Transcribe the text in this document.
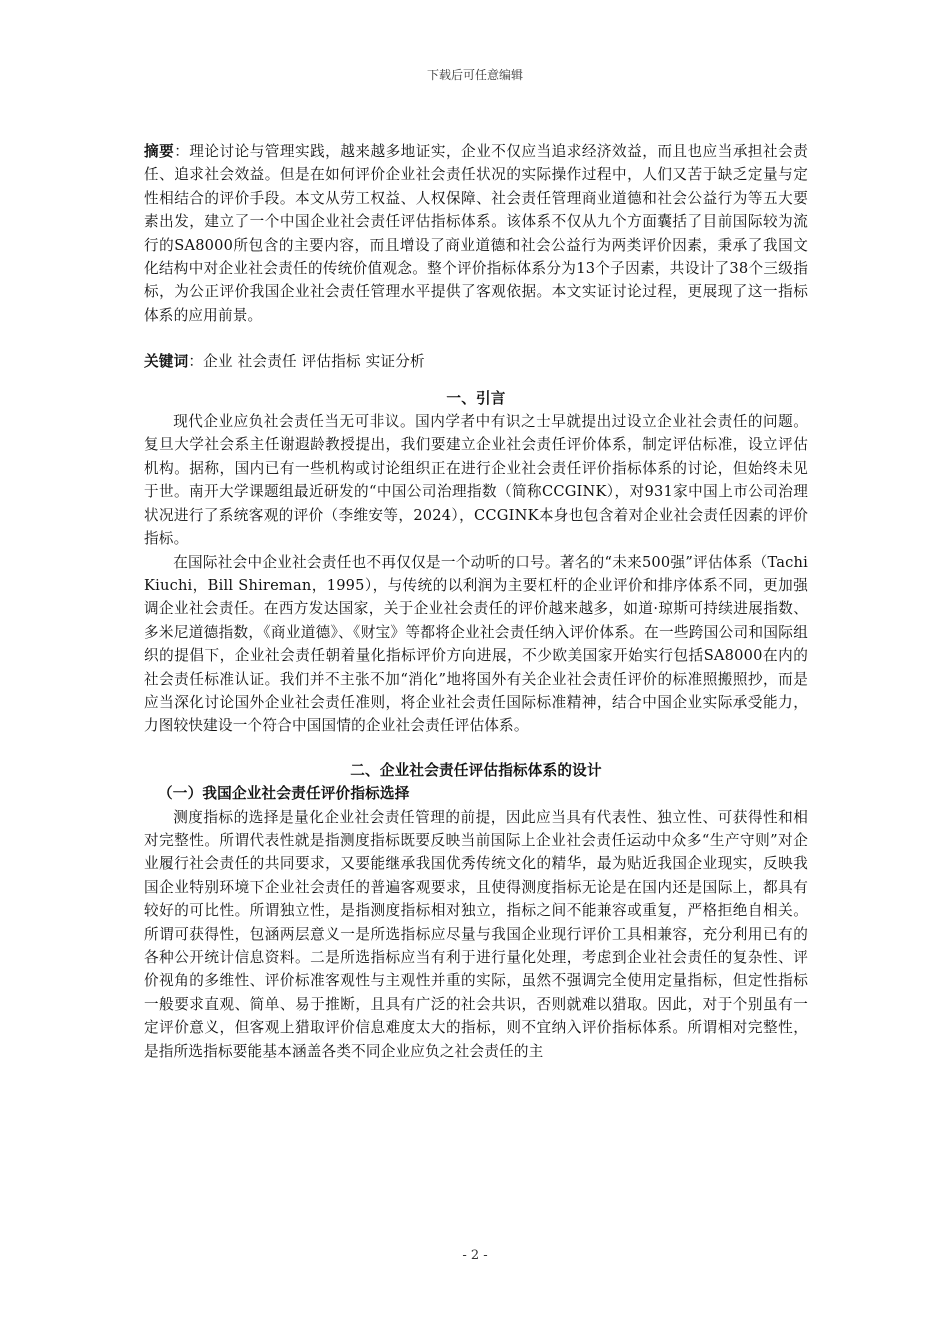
下载后可任意编辑

摘要：理论讨论与管理实践，越来越多地证实，企业不仅应当追求经济效益，而且也应当承担社会责任、追求社会效益。但是在如何评价企业社会责任状况的实际操作过程中，人们又苦于缺乏定量与定性相结合的评价手段。本文从劳工权益、人权保障、社会责任管理商业道德和社会公益行为等五大要素出发，建立了一个中国企业社会责任评估指标体系。该体系不仅从九个方面囊括了目前国际较为流行的SA8000所包含的主要内容，而且增设了商业道德和社会公益行为两类评价因素，秉承了我国文化结构中对企业社会责任的传统价值观念。整个评价指标体系分为13个子因素，共设计了38个三级指标，为公正评价我国企业社会责任管理水平提供了客观依据。本文实证讨论过程，更展现了这一指标体系的应用前景。

关键词：企业 社会责任 评估指标 实证分析

一、引言

现代企业应负社会责任当无可非议。国内学者中有识之士早就提出过设立企业社会责任的问题。复旦大学社会系主任谢遐龄教授提出，我们要建立企业社会责任评价体系，制定评估标准，设立评估机构。据称，国内已有一些机构或讨论组织正在进行企业社会责任评价指标体系的讨论，但始终未见于世。南开大学课题组最近研发的“中国公司治理指数（简称CCGINK），对931家中国上市公司治理状况进行了系统客观的评价（李维安等，2024），CCGINK本身也包含着对企业社会责任因素的评价指标。

在国际社会中企业社会责任也不再仅仅是一个动听的口号。著名的“未来500强”评估体系（Tachi Kiuchi，Bill Shireman，1995），与传统的以利润为主要杠杆的企业评价和排序体系不同，更加强调企业社会责任。在西方发达国家，关于企业社会责任的评价越来越多，如道·琼斯可持续进展指数、多米尼道德指数，《商业道德》、《财宝》等都将企业社会责任纳入评价体系。在一些跨国公司和国际组织的提倡下，企业社会责任朝着量化指标评价方向进展，不少欧美国家开始实行包括SA8000在内的社会责任标准认证。我们并不主张不加“消化”地将国外有关企业社会责任评价的标准照搬照抄，而是应当深化讨论国外企业社会责任准则，将企业社会责任国际标准精神，结合中国企业实际承受能力，力图较快建设一个符合中国国情的企业社会责任评估体系。

二、企业社会责任评估指标体系的设计

（一）我国企业社会责任评价指标选择

测度指标的选择是量化企业社会责任管理的前提，因此应当具有代表性、独立性、可获得性和相对完整性。所谓代表性就是指测度指标既要反映当前国际上企业社会责任运动中众多“生产守则”对企业履行社会责任的共同要求，又要能继承我国优秀传统文化的精华，最为贴近我国企业现实，反映我国企业特别环境下企业社会责任的普遍客观要求，且使得测度指标无论是在国内还是国际上，都具有较好的可比性。所谓独立性，是指测度指标相对独立，指标之间不能兼容或重复，严格拒绝自相关。所谓可获得性，包涵两层意义一是所选指标应尽量与我国企业现行评价工具相兼容，充分利用已有的各种公开统计信息资料。二是所选指标应当有利于进行量化处理，考虑到企业社会责任的复杂性、评价视角的多维性、评价标准客观性与主观性并重的实际，虽然不强调完全使用定量指标，但定性指标一般要求直观、简单、易于推断，且具有广泛的社会共识，否则就难以猎取。因此，对于个别虽有一定评价意义，但客观上猎取评价信息难度太大的指标，则不宜纳入评价指标体系。所谓相对完整性，是指所选指标要能基本涵盖各类不同企业应负之社会责任的主

- 2 -
